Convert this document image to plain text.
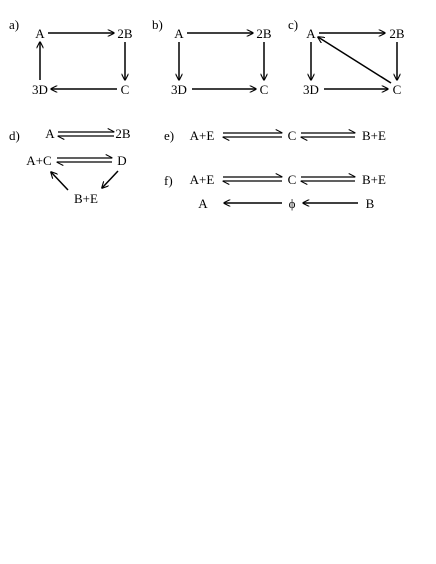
a)
A	2B
C
3D
b)
A	2B
C
3D
c)
A	2B
C
3D
d) A	2B
A+C	D
B+E
e) A+E	C	B+E
f) A+E	C	B+E
A	ϕ	B
